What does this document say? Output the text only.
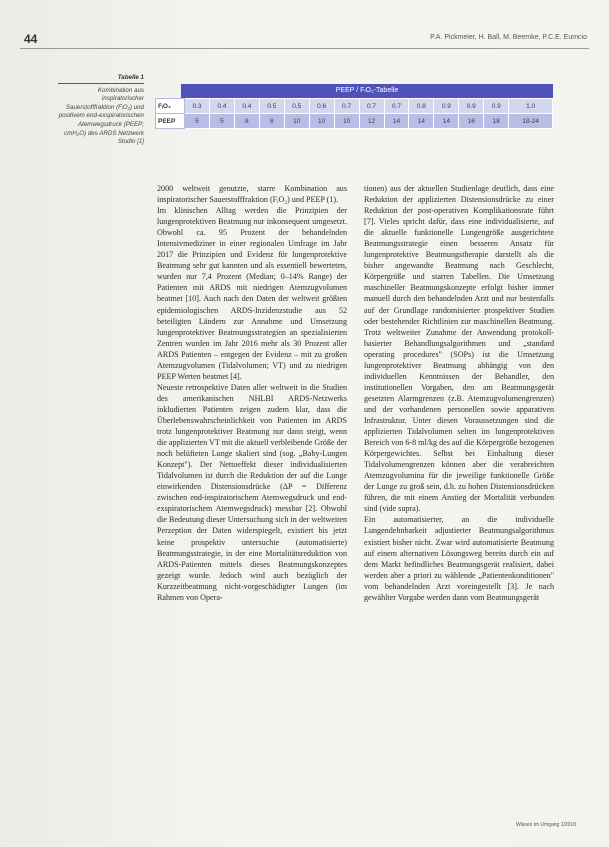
44	P.A. Pickmeier, H. Ball, M. Beemke, P.C.E. Eumcio
Tabelle 1
Kombination aus inspiratorischer Sauerstofffraktion (FᵢO₂) und positivem end-exspiratorischen Atemwegsdruck (PEEP; cmH₂O) des ARDS Netzwerk Studio [1]
PEEP / FᵢO₂-Tabelle
FᵢO₂	0.3	0.4	0.4	0.5	0.5	0.6	0.7	0.7	0.7	0.8	0.9	0.9	0.9	1.0
PEEP	5	5	8	8	10	10	10	12	14	14	14	16	18	18-24

2000 weltweit genutzte, starre Kombination aus inspiratorischer Sauerstofffraktion (FᵢO₂) und PEEP (1).

Im klinischen Alltag werden die Prinzipien der lungenprotektiven Beatmung nur inkonsequent umgesetzt. Obwohl ca. 95 Prozent der behandelnden Intensivmediziner in einer regionalen Umfrage im Jahr 2017 die Prinzipien und Evidenz für lungenprotektive Beatmung sehr gut kannten und als essentiell bewerteten, wurden nur 7,4 Prozent (Median; 0–14% Range) der Patienten mit ARDS mit niedrigen Atemzugvolumen beatmet [10]. Auch nach den Daten der weltweit größten epidemiologischen ARDS-Inzidenzstudie aus 52 beteiligten Ländern zur Annahme und Umsetzung lungenprotektiver Beatmungsstrategien an spezialisierten Zentren wurden im Jahr 2016 mehr als 30 Prozent aller ARDS Patienten – entgegen der Evidenz – mit zu großen Atemzugvolumen (Tidalvolumen; VT) und zu niedrigen PEEP Werten beatmet [4].

Neueste retrospektive Daten aller weltweit in die Studien des amerikanischen NHLBI ARDS-Netzwerks inkludierten Patienten zeigen zudem klar, dass die Überlebenswahrscheinlichkeit von Patienten im ARDS trotz lungenprotektiver Beatmung nur dann steigt, wenn die applizierten VT mit die aktuell verbleibende Größe der noch belüfteten Lunge skaliert sind (sog. „Baby-Lungen Konzept"). Der Nettoeffekt dieser individualisierten Tidalvolumen ist durch die Reduktion der auf die Lunge einwirkenden Distensionsdrücke (ΔP = Differenz zwischen end-inspiratorischem Atemwegsdruck und end-exspiratorischem Atemwegsdruck) messbar [2]. Obwohl die Bedeutung dieser Untersuchung sich in der weltweiten Perzeption der Daten widerspiegelt, existiert bis jetzt keine prospektiv untersuchte (automatisierte) Beatmungsstrategie, in der eine Mortalitätsreduktion von ARDS-Patienten mittels dieses Beatmungskonzeptes gezeigt wurde. Jedoch wird auch bezüglich der Kurzzeitbeatmung nicht-vorgeschädigter Lungen (im Rahmen von Opera-

tionen) aus der aktuellen Studienlage deutlich, dass eine Reduktion der applizierten Distensionsdrücke zu einer Reduktion der post-operativen Komplikationsrate führt [7]. Vieles spricht dafür, dass eine individualisierte, auf die aktuelle funktionelle Lungengröße ausgerichtete Beatmungsstrategie einen besseren Ansatz für lungenprotektive Beatmungstherapie darstellt als die bisher angewandte Beatmung nach Geschlecht, Körpergröße und starren Tabellen. Die Umsetzung maschineller Beatmungskonzepte erfolgt bisher immer manuell durch den behandelnden Arzt und nur bestenfalls auf der Grundlage randomisierter prospektiver Studien oder bestehender Richtlinien zur maschinellen Beatmung. Trotz weltweiter Zunahme der Anwendung protokoll-basierter Behandlungsalgorithmen und „standard operating procedures" (SOPs) ist die Umsetzung lungenprotektiver Beatmung abhängig von den individuellen Kenntnissen der Behandler, den institutionellen Vorgaben, den am Beatmungsgerät gesetzten Alarmgrenzen (z.B. Atemzugvolumengrenzen) und der vorhandenen personellen sowie apparativen Infrastruktur. Unter diesen Voraussetzungen sind die applizierten Tidalvolumen selten im lungenprotektiven Bereich von 6-8 ml/kg des auf die Körpergröße bezogenen Körpergewichtes. Selbst bei Einhaltung dieser Tidalvolumengrenzen können aber die verabreichten Atemzugvolumina für die jeweilige funktionelle Größe der Lunge zu groß sein, d.h. zu hohen Distensionsdrücken führen, die mit einem Anstieg der Mortalität verbunden sind (vide supra).

Ein automatisierter, an die individuelle Lungendehnbarkeit adjustierter Beatmungsalgorithmus existiert bisher nicht. Zwar wird automatisierte Beatmung auf einem alternativen Lösungsweg bereits durch ein auf dem Markt befindliches Beatmungsgerät realisiert, dabei werden aber a priori zu wählende „Patientenkonditionen" vom behandelnden Arzt voreingestellt [3]. Je nach gewählter Vorgabe werden dann vom Beatmungsgerät

Wissen im Umgang 1/2018
